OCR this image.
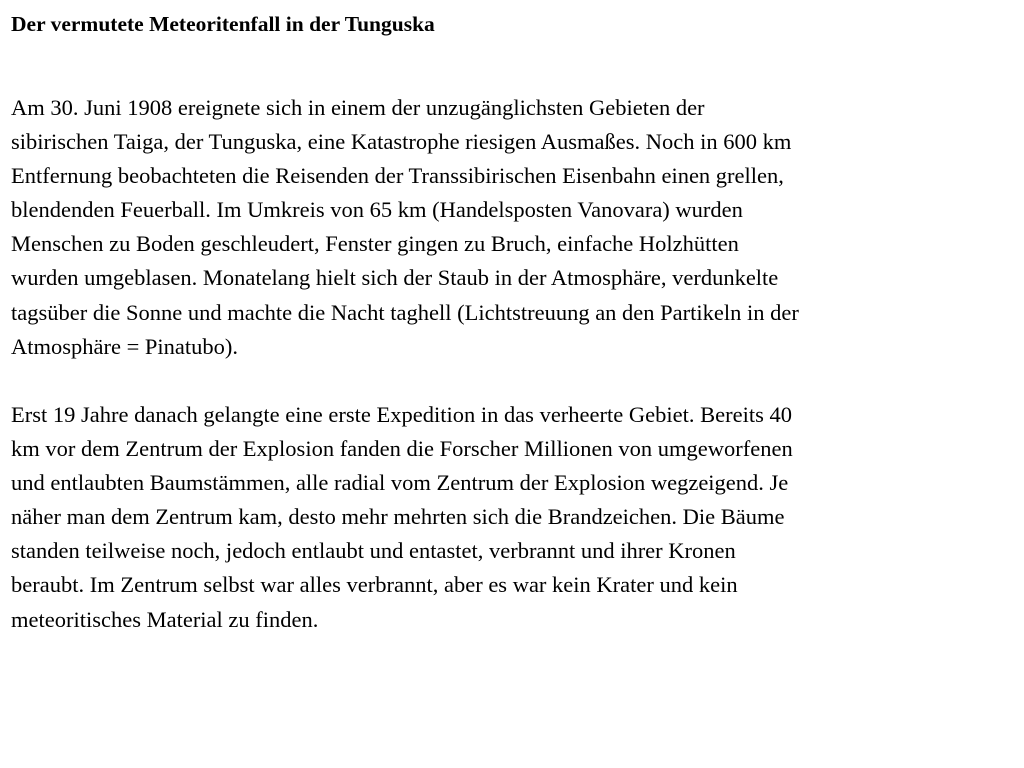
Der vermutete Meteoritenfall in der Tunguska

Am 30. Juni 1908 ereignete sich in einem der unzugänglichsten Gebieten der
sibirischen Taiga, der Tunguska, eine Katastrophe riesigen Ausmaßes. Noch in 600 km
Entfernung beobachteten die Reisenden der Transsibirischen Eisenbahn einen grellen,
blendenden Feuerball. Im Umkreis von 65 km (Handelsposten Vanovara) wurden
Menschen zu Boden geschleudert, Fenster gingen zu Bruch, einfache Holzhütten
wurden umgeblasen. Monatelang hielt sich der Staub in der Atmosphäre, verdunkelte
tagsüber die Sonne und machte die Nacht taghell (Lichtstreuung an den Partikeln in der
Atmosphäre = Pinatubo).

Erst 19 Jahre danach gelangte eine erste Expedition in das verheerte Gebiet. Bereits 40
km vor dem Zentrum der Explosion fanden die Forscher Millionen von umgeworfenen
und entlaubten Baumstämmen, alle radial vom Zentrum der Explosion wegzeigend. Je
näher man dem Zentrum kam, desto mehr mehrten sich die Brandzeichen. Die Bäume
standen teilweise noch, jedoch entlaubt und entastet, verbrannt und ihrer Kronen
beraubt. Im Zentrum selbst war alles verbrannt, aber es war kein Krater und kein
meteoritisches Material zu finden.
